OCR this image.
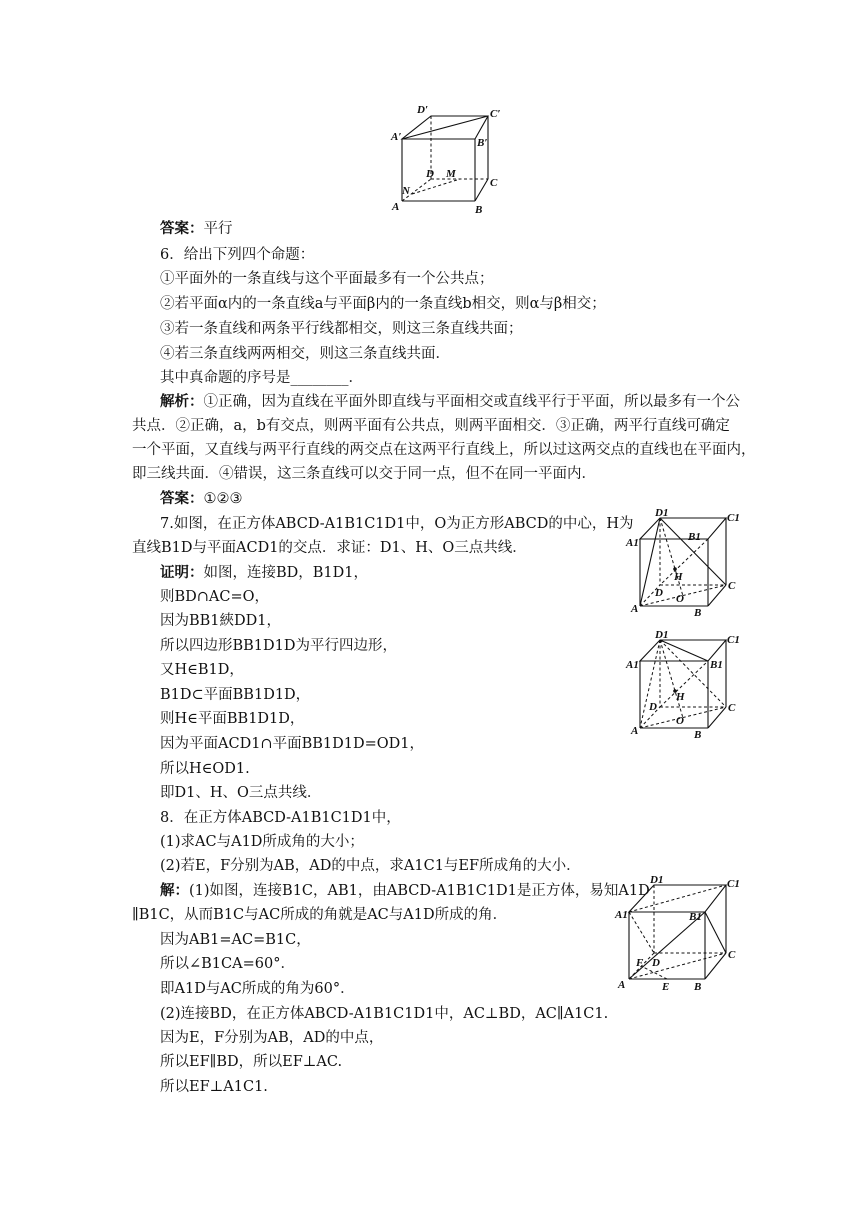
D′	C′
A′	B′
D M
C
N
A	B
答案：平行
6．给出下列四个命题：
①平面外的一条直线与这个平面最多有一个公共点；
②若平面α内的一条直线a与平面β内的一条直线b相交，则α与β相交；
③若一条直线和两条平行线都相交，则这三条直线共面；
④若三条直线两两相交，则这三条直线共面．
其中真命题的序号是________．
解析：①正确，因为直线在平面外即直线与平面相交或直线平行于平面，所以最多有一个公
共点．②正确，a，b有交点，则两平面有公共点，则两平面相交．③正确，两平行直线可确定
一个平面，又直线与两平行直线的两交点在这两平行直线上，所以过这两交点的直线也在平面内，
即三线共面．④错误，这三条直线可以交于同一点，但不在同一平面内．
答案：①②③
7.如图，在正方体ABCD-A1B1C1D1中，O为正方形ABCD的中心，H为
直线B1D与平面ACD1的交点．求证：D1、H、O三点共线．
证明：如图，连接BD，B1D1，
则BD∩AC=O，
因为BB1綊DD1，
所以四边形BB1D1D为平行四边形，
又H∈B1D，
B1D⊂平面BB1D1D，
则H∈平面BB1D1D，
因为平面ACD1∩平面BB1D1D=OD1，
所以H∈OD1.
即D1、H、O三点共线．
D1	C1
A1	B1
H
C
D O
A	B
D1	C1
A1	B1
H
D
O
C
A	B
8．在正方体ABCD-A1B1C1D1中，
(1)求AC与A1D所成角的大小；
(2)若E，F分别为AB，AD的中点，求A1C1与EF所成角的大小．
解：(1)如图，连接B1C，AB1，由ABCD-A1B1C1D1是正方体，易知A1D
∥B1C，从而B1C与AC所成的角就是AC与A1D所成的角．
因为AB1=AC=B1C，
所以∠B1CA=60°．
即A1D与AC所成的角为60°．
(2)连接BD，在正方体ABCD-A1B1C1D1中，AC⊥BD，AC∥A1C1.
因为E，F分别为AB，AD的中点，
所以EF∥BD，所以EF⊥AC.
所以EF⊥A1C1.
D1	C1
A1	B1
C
F D
A	E B
